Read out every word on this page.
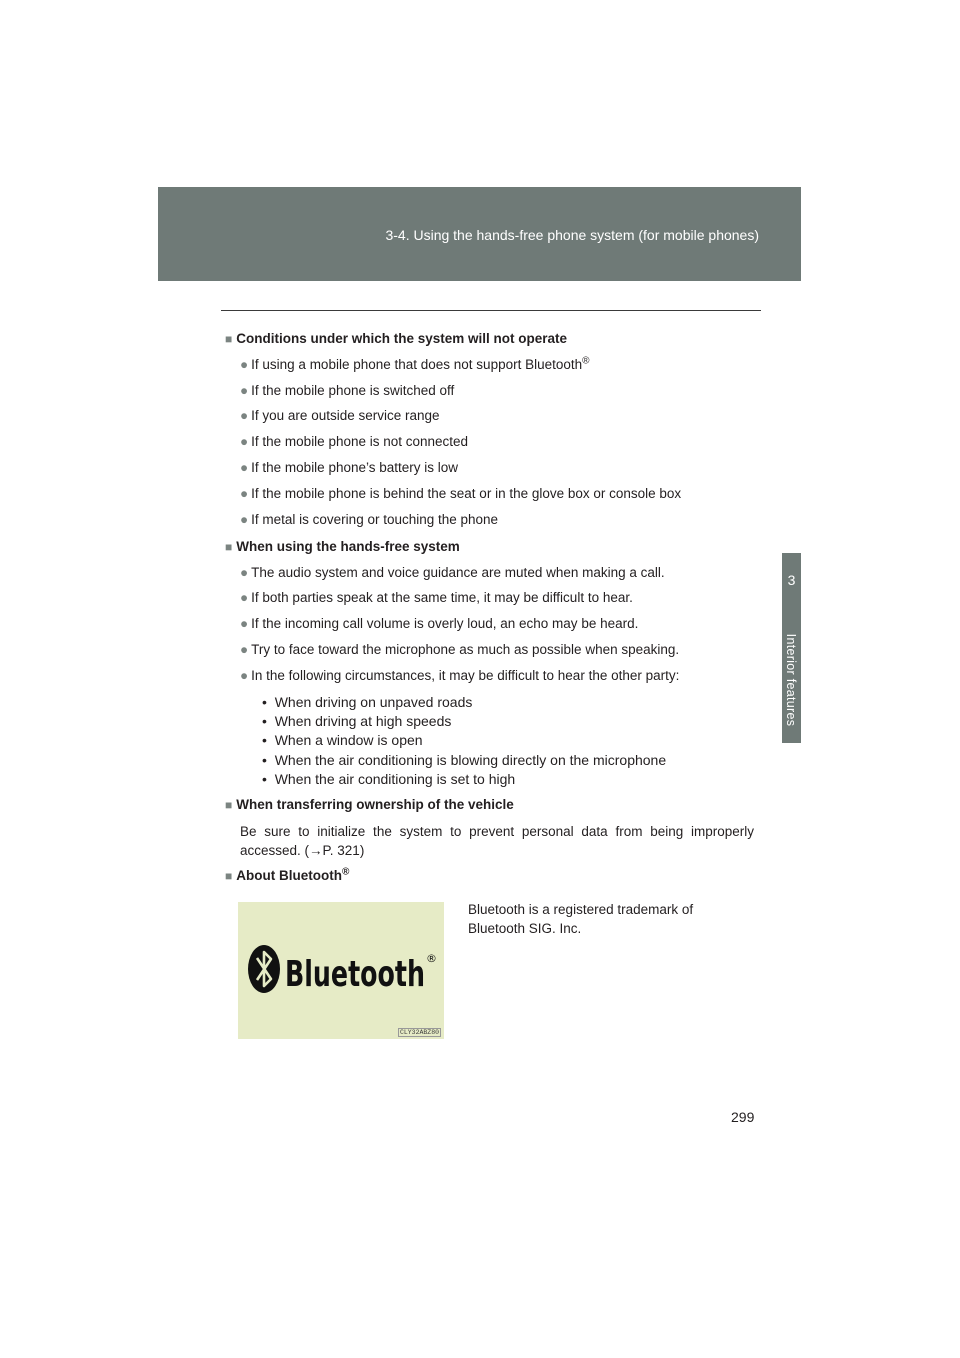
3-4. Using the hands-free phone system (for mobile phones)
3
Interior features
■ Conditions under which the system will not operate
● If using a mobile phone that does not support Bluetooth®
● If the mobile phone is switched off
● If you are outside service range
● If the mobile phone is not connected
● If the mobile phone’s battery is low
● If the mobile phone is behind the seat or in the glove box or console box
● If metal is covering or touching the phone
■ When using the hands-free system
● The audio system and voice guidance are muted when making a call.
● If both parties speak at the same time, it may be difficult to hear.
● If the incoming call volume is overly loud, an echo may be heard.
● Try to face toward the microphone as much as possible when speaking.
● In the following circumstances, it may be difficult to hear the other party:
•  When driving on unpaved roads
•  When driving at high speeds
•  When a window is open
•  When the air conditioning is blowing directly on the microphone
•  When the air conditioning is set to high
■ When transferring ownership of the vehicle
Be sure to initialize the system to prevent personal data from being improperly accessed. (→P. 321)
■ About Bluetooth®
Bluetooth ®
CLY32ABZ80
Bluetooth is a registered trademark of Bluetooth SIG. Inc.
299
